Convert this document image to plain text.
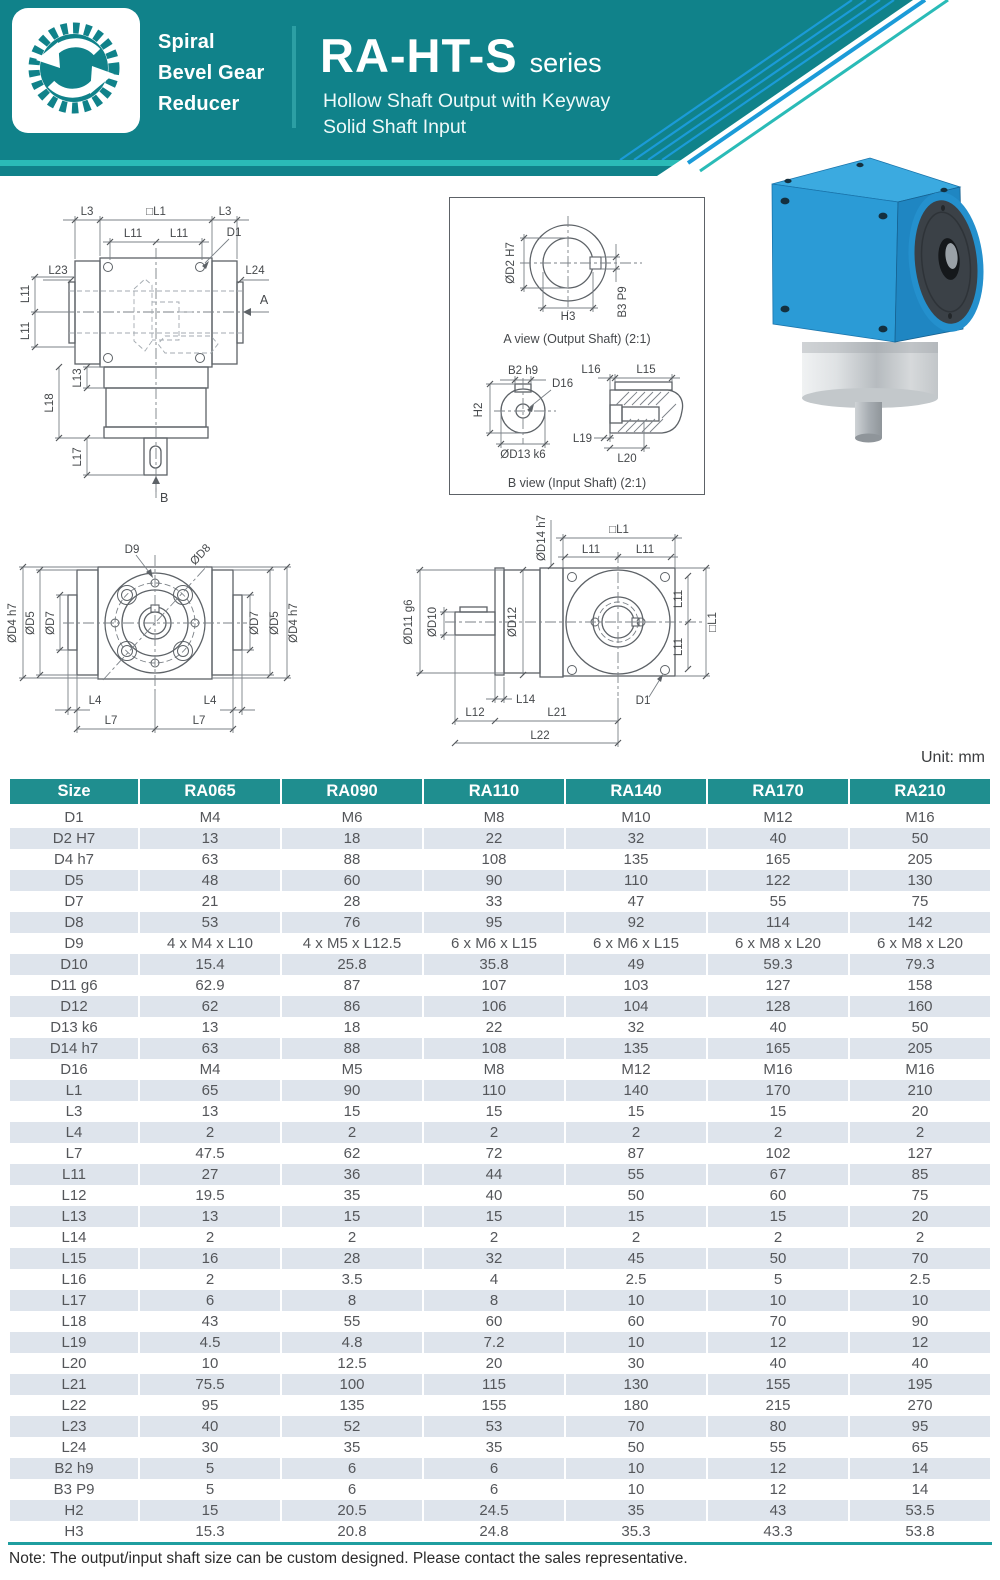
Spiral
Bevel Gear
Reducer
RA-HT-S series
Hollow Shaft Output with Keyway
Solid Shaft Input
L3	□L1	L3
L11 L11	D1
L23	L24
L11
L11
L13
L18
L17
A
B
ØD2 H7
H3	B3 P9
A view (Output Shaft) (2:1)
B2 h9
D16
H2
ØD13 k6
L16	L15
L19
L20
B view (Input Shaft) (2:1)
D9	ØD8
ØD4 h7 ØD5 ØD7	ØD7 ØD5 ØD4 h7
L4	L4
L7	L7
ØD14 h7	□L1
L11	L11
ØD11 g6 ØD10	ØD12	□L1
L11
L11
L14	D1
L12	L21
L22
Unit: mm
Size	RA065	RA090	RA110	RA140	RA170	RA210
D1	M4	M6	M8	M10	M12	M16
D2 H7	13	18	22	32	40	50
D4 h7	63	88	108	135	165	205
D5	48	60	90	110	122	130
D7	21	28	33	47	55	75
D8	53	76	95	92	114	142
D9	4 x M4 x L10	4 x M5 x L12.5	6 x M6 x L15	6 x M6 x L15	6 x M8 x L20	6 x M8 x L20
D10	15.4	25.8	35.8	49	59.3	79.3
D11 g6	62.9	87	107	103	127	158
D12	62	86	106	104	128	160
D13 k6	13	18	22	32	40	50
D14 h7	63	88	108	135	165	205
D16	M4	M5	M8	M12	M16	M16
L1	65	90	110	140	170	210
L3	13	15	15	15	15	20
L4	2	2	2	2	2	2
L7	47.5	62	72	87	102	127
L11	27	36	44	55	67	85
L12	19.5	35	40	50	60	75
L13	13	15	15	15	15	20
L14	2	2	2	2	2	2
L15	16	28	32	45	50	70
L16	2	3.5	4	2.5	5	2.5
L17	6	8	8	10	10	10
L18	43	55	60	60	70	90
L19	4.5	4.8	7.2	10	12	12
L20	10	12.5	20	30	40	40
L21	75.5	100	115	130	155	195
L22	95	135	155	180	215	270
L23	40	52	53	70	80	95
L24	30	35	35	50	55	65
B2 h9	5	6	6	10	12	14
B3 P9	5	6	6	10	12	14
H2	15	20.5	24.5	35	43	53.5
H3	15.3	20.8	24.8	35.3	43.3	53.8
Note: The output/input shaft size can be custom designed. Please contact the sales representative.
